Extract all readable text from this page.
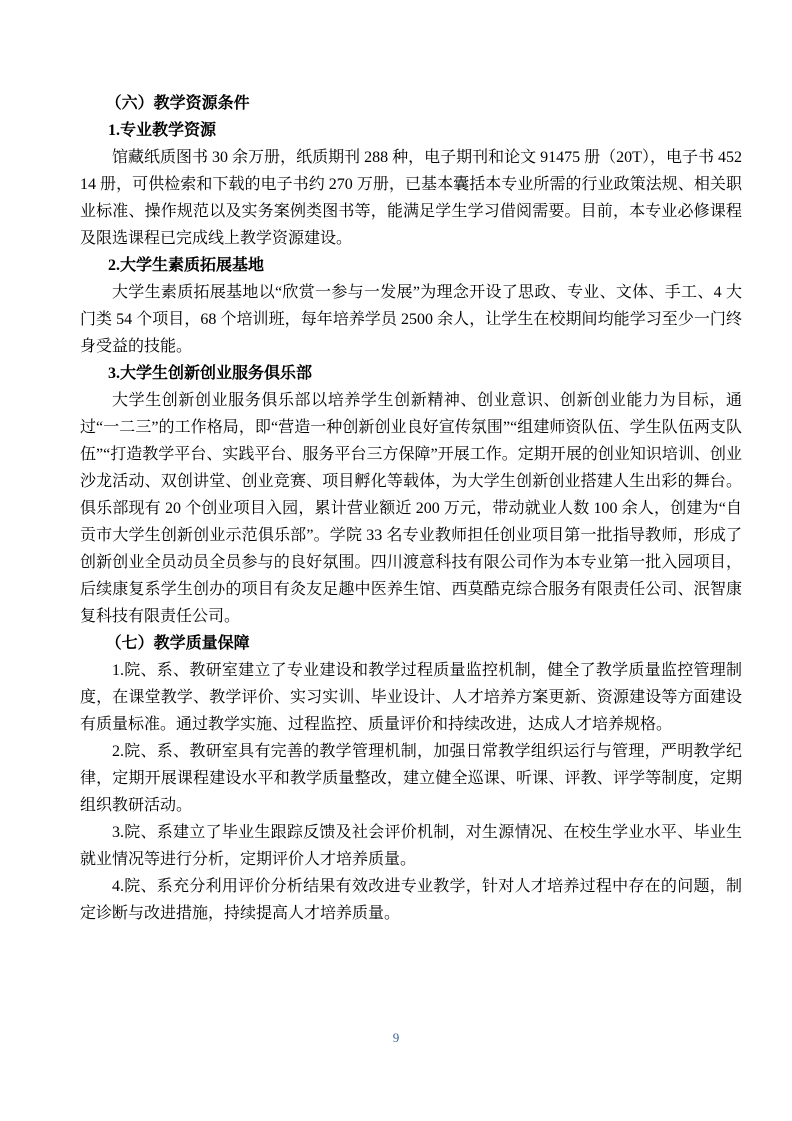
（六）教学资源条件

1.专业教学资源

馆藏纸质图书 30 余万册，纸质期刊 288 种，电子期刊和论文 91475 册（20T），电子书 45214 册，可供检索和下载的电子书约 270 万册，已基本囊括本专业所需的行业政策法规、相关职业标准、操作规范以及实务案例类图书等，能满足学生学习借阅需要。目前，本专业必修课程及限选课程已完成线上教学资源建设。

2.大学生素质拓展基地

大学生素质拓展基地以“欣赏一参与一发展”为理念开设了思政、专业、文体、手工、4 大门类 54 个项目，68 个培训班，每年培养学员 2500 余人，让学生在校期间均能学习至少一门终身受益的技能。

3.大学生创新创业服务俱乐部

大学生创新创业服务俱乐部以培养学生创新精神、创业意识、创新创业能力为目标，通过“一二三”的工作格局，即“营造一种创新创业良好宣传氛围”“组建师资队伍、学生队伍两支队伍”“打造教学平台、实践平台、服务平台三方保障”开展工作。定期开展的创业知识培训、创业沙龙活动、双创讲堂、创业竞赛、项目孵化等载体，为大学生创新创业搭建人生出彩的舞台。俱乐部现有 20 个创业项目入园，累计营业额近 200 万元，带动就业人数 100 余人，创建为“自贡市大学生创新创业示范俱乐部”。学院 33 名专业教师担任创业项目第一批指导教师，形成了创新创业全员动员全员参与的良好氛围。四川渡意科技有限公司作为本专业第一批入园项目，后续康复系学生创办的项目有灸友足趣中医养生馆、西莫酷克综合服务有限责任公司、泯智康复科技有限责任公司。

（七）教学质量保障

1.院、系、教研室建立了专业建设和教学过程质量监控机制，健全了教学质量监控管理制度，在课堂教学、教学评价、实习实训、毕业设计、人才培养方案更新、资源建设等方面建设有质量标准。通过教学实施、过程监控、质量评价和持续改进，达成人才培养规格。

2.院、系、教研室具有完善的教学管理机制，加强日常教学组织运行与管理，严明教学纪律，定期开展课程建设水平和教学质量整改，建立健全巡课、听课、评教、评学等制度，定期组织教研活动。

3.院、系建立了毕业生跟踪反馈及社会评价机制，对生源情况、在校生学业水平、毕业生就业情况等进行分析，定期评价人才培养质量。

4.院、系充分利用评价分析结果有效改进专业教学，针对人才培养过程中存在的问题，制定诊断与改进措施，持续提高人才培养质量。

9
